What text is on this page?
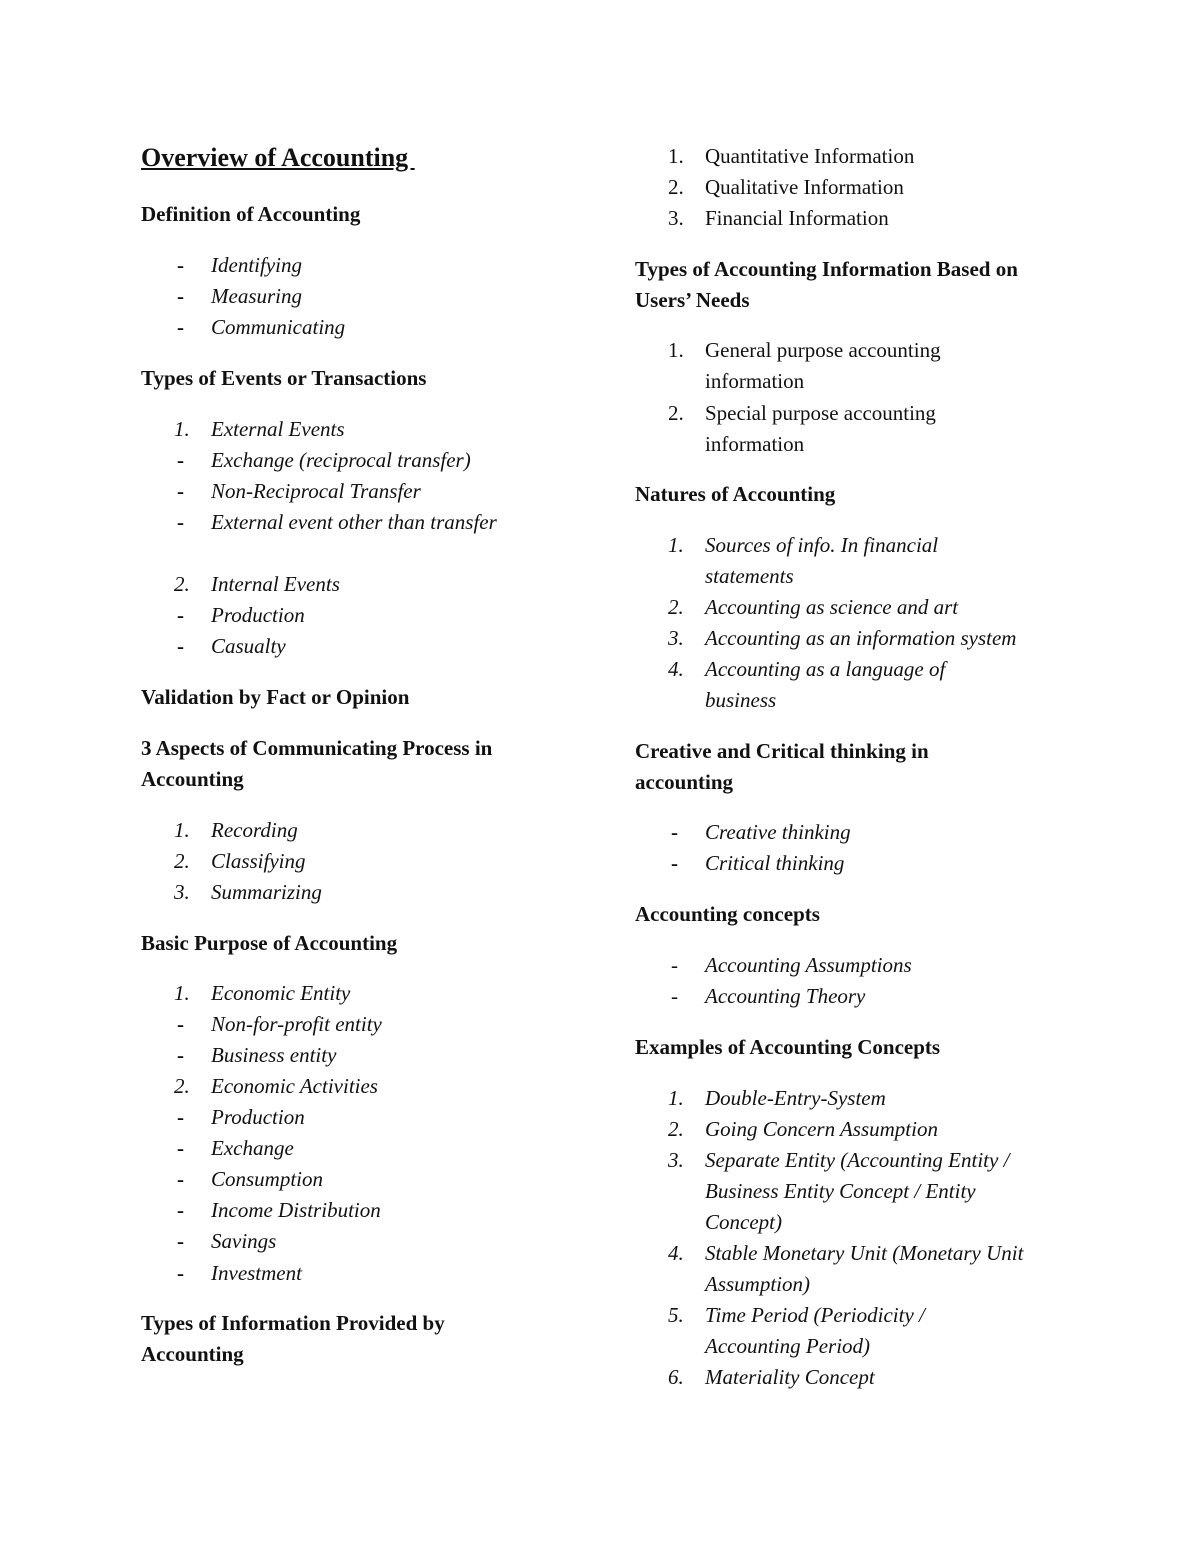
Overview of Accounting
Definition of Accounting
-	Identifying
-	Measuring
-	Communicating
Types of Events or Transactions
1.	External Events
-	Exchange (reciprocal transfer)
-	Non-Reciprocal Transfer
-	External event other than transfer
2.	Internal Events
-	Production
-	Casualty
Validation by Fact or Opinion
3 Aspects of Communicating Process in Accounting
1.	Recording
2.	Classifying
3.	Summarizing
Basic Purpose of Accounting
1.	Economic Entity
-	Non-for-profit entity
-	Business entity
2.	Economic Activities
-	Production
-	Exchange
-	Consumption
-	Income Distribution
-	Savings
-	Investment
Types of Information Provided by Accounting
1.	Quantitative Information
2.	Qualitative Information
3.	Financial Information
Types of Accounting Information Based on Users’ Needs
1.	General purpose accounting information
2.	Special purpose accounting information
Natures of Accounting
1.	Sources of info. In financial statements
2.	Accounting as science and art
3.	Accounting as an information system
4.	Accounting as a language of business
Creative and Critical thinking in accounting
-	Creative thinking
-	Critical thinking
Accounting concepts
-	Accounting Assumptions
-	Accounting Theory
Examples of Accounting Concepts
1.	Double-Entry-System
2.	Going Concern Assumption
3.	Separate Entity (Accounting Entity / Business Entity Concept / Entity Concept)
4.	Stable Monetary Unit (Monetary Unit Assumption)
5.	Time Period (Periodicity / Accounting Period)
6.	Materiality Concept
